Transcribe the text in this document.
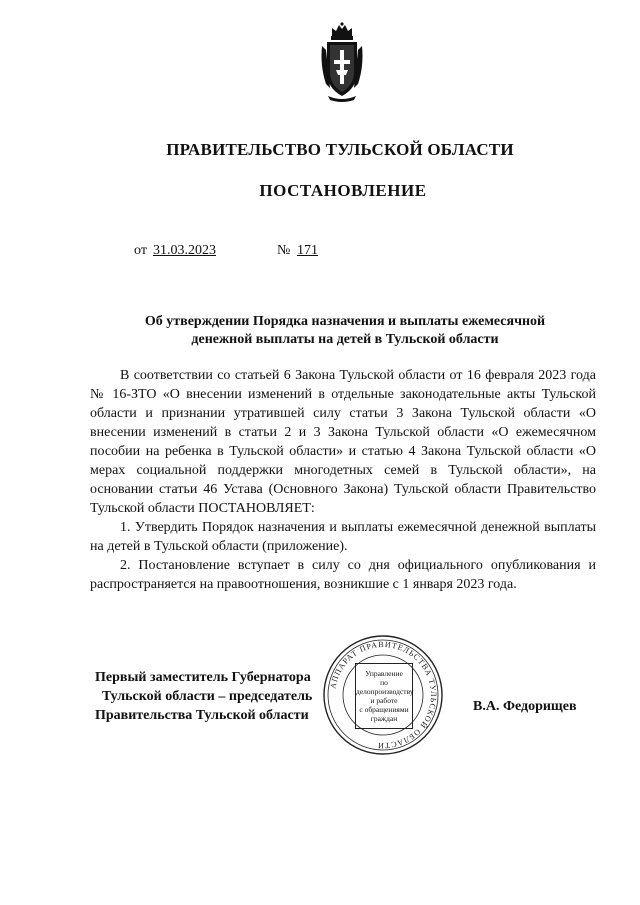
ПРАВИТЕЛЬСТВО ТУЛЬСКОЙ ОБЛАСТИ
ПОСТАНОВЛЕНИЕ
от 31.03.2023	№ 171
Об утверждении Порядка назначения и выплаты ежемесячной
денежной выплаты на детей в Тульской области

В соответствии со статьей 6 Закона Тульской области от 16 февраля 2023 года № 16-ЗТО «О внесении изменений в отдельные законодательные акты Тульской области и признании утратившей силу статьи 3 Закона Тульской области «О внесении изменений в статьи 2 и 3 Закона Тульской области «О ежемесячном пособии на ребенка в Тульской области» и статью 4 Закона Тульской области «О мерах социальной поддержки многодетных семей в Тульской области», на основании статьи 46 Устава (Основного Закона) Тульской области Правительство Тульской области ПОСТАНОВЛЯЕТ:

1. Утвердить Порядок назначения и выплаты ежемесячной денежной выплаты на детей в Тульской области (приложение).

2. Постановление вступает в силу со дня официального опубликования и распространяется на правоотношения, возникшие с 1 января 2023 года.

Первый заместитель Губернатора
Тульской области – председатель
Правительства Тульской области
В.А. Федорищев
АППАРАТ ПРАВИТЕЛЬСТВА ТУЛЬСКОЙ ОБЛАСТИ
Управление
по делопроизводству
и работе
с обращениями
граждан
